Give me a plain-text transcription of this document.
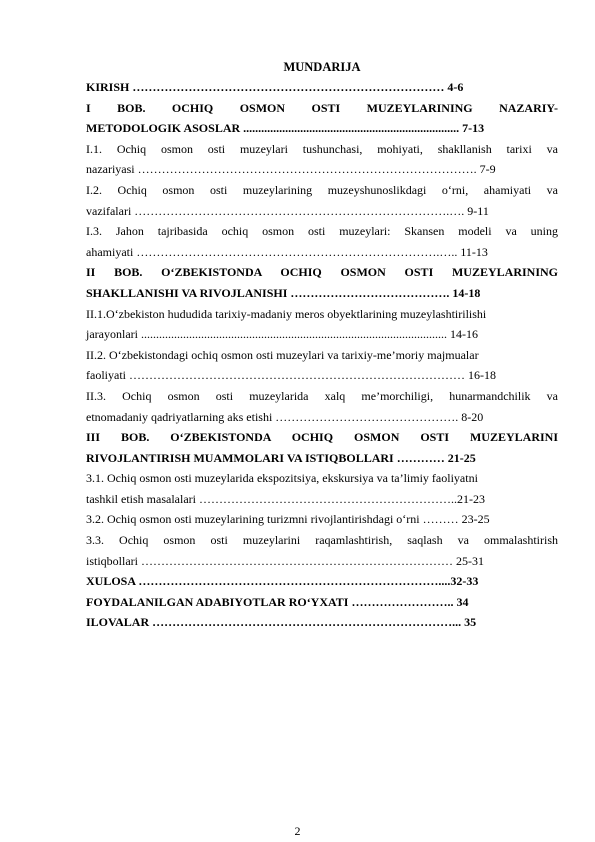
MUNDARIJA
KIRISH …………………………………………………………………… 4-6
I BOB. OCHIQ OSMON OSTI MUZEYLARINING NAZARIY-
METODOLOGIK ASOSLAR ........................................................................ 7-13
I.1. Ochiq osmon osti muzeylari tushunchasi, mohiyati, shakllanish tarixi va
nazariyasi …………………………………………………………………………. 7-9
I.2. Ochiq osmon osti muzeylarining muzeyshunoslikdagi o‘rni, ahamiyati va
vazifalari …………………………………………………………………….…. 9-11
I.3. Jahon tajribasida ochiq osmon osti muzeylari: Skansen modeli va uning
ahamiyati ………………………………………………………………….….. 11-13
II BOB. O‘ZBEKISTONDA OCHIQ OSMON OSTI MUZEYLARINING
SHAKLLANISHI VA RIVOJLANISHI …………………………………. 14-18
II.1.O‘zbekiston hududida tarixiy-madaniy meros obyektlarining muzeylashtirilishi
jarayonlari ...................................................................................................... 14-16
II.2. O‘zbekistondagi ochiq osmon osti muzeylari va tarixiy-me’moriy majmualar
faoliyati ………………………………………………………………………… 16-18
II.3. Ochiq osmon osti muzeylarida xalq me’morchiligi, hunarmandchilik va
etnomadaniy qadriyatlarning aks etishi ………………………………………. 8-20
III BOB. O‘ZBEKISTONDA OCHIQ OSMON OSTI MUZEYLARINI
RIVOJLANTIRISH MUAMMOLARI VA ISTIQBOLLARI ………… 21-25
3.1. Ochiq osmon osti muzeylarida ekspozitsiya, ekskursiya va ta’limiy faoliyatni
tashkil etish masalalari ………………………………………………………..21-23
3.2. Ochiq osmon osti muzeylarining turizmni rivojlantirishdagi o‘rni ……… 23-25
3.3. Ochiq osmon osti muzeylarini raqamlashtirish, saqlash va ommalashtirish
istiqbollari …………………………………………………………………… 25-31
XULOSA …………………………………………………………………....32-33
FOYDALANILGAN ADABIYOTLAR RO‘YXATI …………………….. 34
ILOVALAR …………………………………………………………………... 35
2
